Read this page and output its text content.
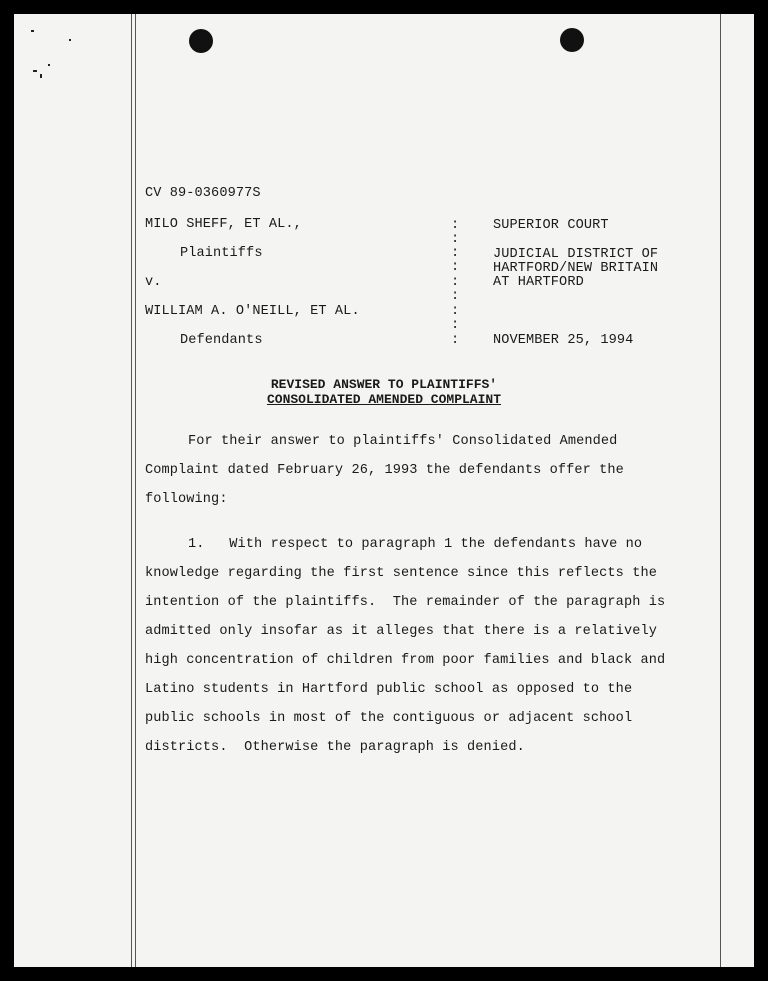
CV 89-0360977S
MILO SHEFF, ET AL.,
Plaintiffs
v.
WILLIAM A. O'NEILL, ET AL.
Defendants
:
:
:
:
:
:
:
:
:
SUPERIOR COURT
JUDICIAL DISTRICT OF
HARTFORD/NEW BRITAIN
AT HARTFORD
NOVEMBER 25, 1994
REVISED ANSWER TO PLAINTIFFS'
CONSOLIDATED AMENDED COMPLAINT
For their answer to plaintiffs' Consolidated Amended
Complaint dated February 26, 1993 the defendants offer the
following:
1.   With respect to paragraph 1 the defendants have no
knowledge regarding the first sentence since this reflects the
intention of the plaintiffs.  The remainder of the paragraph is
admitted only insofar as it alleges that there is a relatively
high concentration of children from poor families and black and
Latino students in Hartford public school as opposed to the
public schools in most of the contiguous or adjacent school
districts.  Otherwise the paragraph is denied.
